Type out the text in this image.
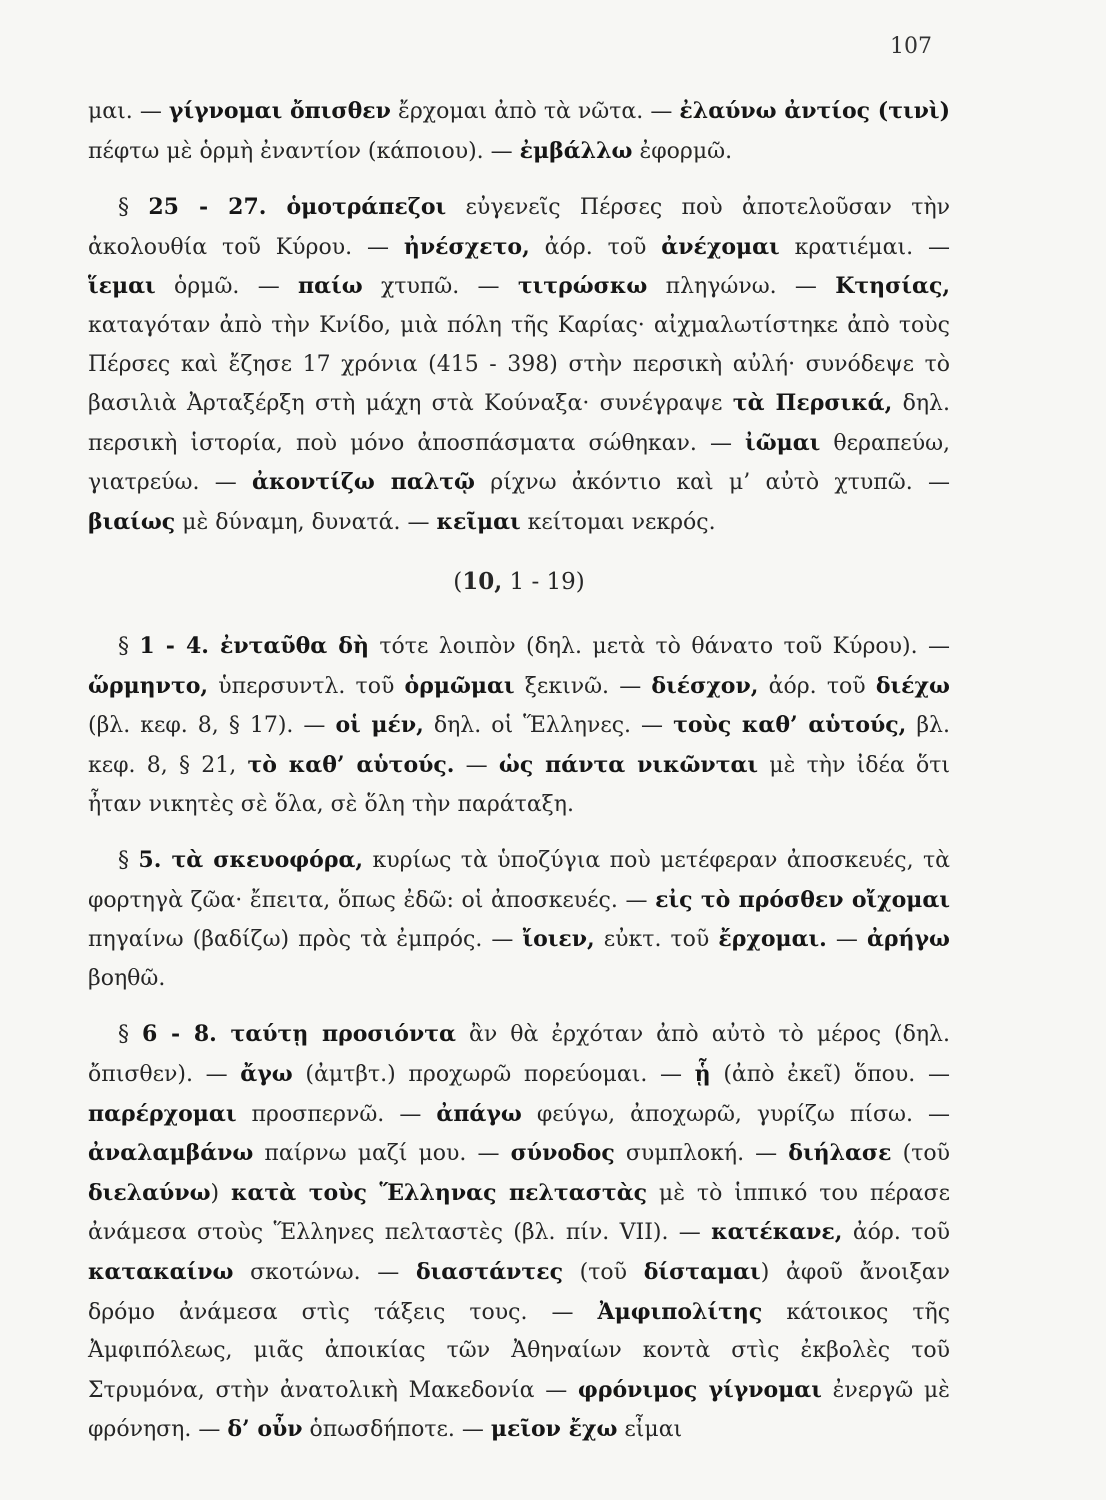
107

μαι. — γίγνομαι ὄπισθεν ἔρχομαι ἀπὸ τὰ νῶτα. — ἐλαύνω ἀντίος (τινὶ) πέφτω μὲ ὁρμὴ ἐναντίον (κάποιου). — ἐμβάλλω ἐφορμῶ.

§ 25 - 27. ὁμοτράπεζοι εὐγενεῖς Πέρσες ποὺ ἀποτελοῦσαν τὴν ἀκολουθία τοῦ Κύρου. — ἠνέσχετο, ἀόρ. τοῦ ἀνέχομαι κρατιέμαι. — ἵεμαι ὁρμῶ. — παίω χτυπῶ. — τιτρώσκω πληγώνω. — Κτησίας, καταγόταν ἀπὸ τὴν Κνίδο, μιὰ πόλη τῆς Καρίας· αἰχμαλωτίστηκε ἀπὸ τοὺς Πέρσες καὶ ἔζησε 17 χρόνια (415 - 398) στὴν περσικὴ αὐλή· συνόδεψε τὸ βασιλιὰ Ἀρταξέρξη στὴ μάχη στὰ Κούναξα· συνέγραψε τὰ Περσικά, δηλ. περσικὴ ἱστορία, ποὺ μόνο ἀποσπάσματα σώθηκαν. — ἰῶμαι θεραπεύω, γιατρεύω. — ἀκοντίζω παλτῷ ρίχνω ἀκόντιο καὶ μ’ αὐτὸ χτυπῶ. — βιαίως μὲ δύναμη, δυνατά. — κεῖμαι κείτομαι νεκρός.

(10, 1 - 19)

§ 1 - 4. ἐνταῦθα δὴ τότε λοιπὸν (δηλ. μετὰ τὸ θάνατο τοῦ Κύρου). — ὥρμηντο, ὑπερσυντλ. τοῦ ὁρμῶμαι ξεκινῶ. — διέσχον, ἀόρ. τοῦ διέχω (βλ. κεφ. 8, § 17). — οἱ μέν, δηλ. οἱ Ἕλληνες. — τοὺς καθ’ αὑτούς, βλ. κεφ. 8, § 21, τὸ καθ’ αὑτούς. — ὡς πάντα νικῶνται μὲ τὴν ἰδέα ὅτι ἦταν νικητὲς σὲ ὅλα, σὲ ὅλη τὴν παράταξη.

§ 5. τὰ σκευοφόρα, κυρίως τὰ ὑποζύγια ποὺ μετέφεραν ἀποσκευές, τὰ φορτηγὰ ζῶα· ἔπειτα, ὅπως ἐδῶ: οἱ ἀποσκευές. — εἰς τὸ πρόσθεν οἴχομαι πηγαίνω (βαδίζω) πρὸς τὰ ἐμπρός. — ἴοιεν, εὐκτ. τοῦ ἔρχομαι. — ἀρήγω βοηθῶ.

§ 6 - 8. ταύτῃ προσιόντα ἂν θὰ ἐρχόταν ἀπὸ αὐτὸ τὸ μέρος (δηλ. ὄπισθεν). — ἄγω (ἀμτβτ.) προχωρῶ πορεύομαι. — ᾗ (ἀπὸ ἐκεῖ) ὅπου. — παρέρχομαι προσπερνῶ. — ἀπάγω φεύγω, ἀποχωρῶ, γυρίζω πίσω. — ἀναλαμβάνω παίρνω μαζί μου. — σύνοδος συμπλοκή. — διήλασε (τοῦ διελαύνω) κατὰ τοὺς Ἕλληνας πελταστὰς μὲ τὸ ἱππικό του πέρασε ἀνάμεσα στοὺς Ἕλληνες πελταστὲς (βλ. πίν. VII). — κατέκανε, ἀόρ. τοῦ κατακαίνω σκοτώνω. — διαστάντες (τοῦ δίσταμαι) ἀφοῦ ἄνοιξαν δρόμο ἀνάμεσα στὶς τάξεις τους. — Ἀμφιπολίτης κάτοικος τῆς Ἀμφιπόλεως, μιᾶς ἀποικίας τῶν Ἀθηναίων κοντὰ στὶς ἐκβολὲς τοῦ Στρυμόνα, στὴν ἀνατολικὴ Μακεδονία — φρόνιμος γίγνομαι ἐνεργῶ μὲ φρόνηση. — δ’ οὖν ὁπωσδήποτε. — μεῖον ἔχω εἶμαι
